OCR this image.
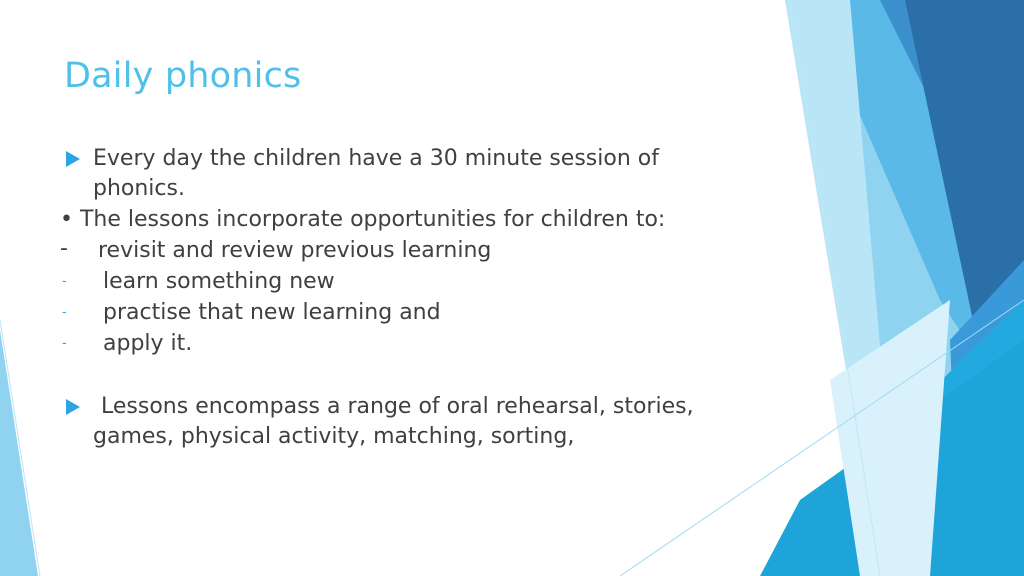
Daily phonics
Every day the children have a 30 minute session of
phonics.
• The lessons incorporate opportunities for children to:
- revisit and review previous learning
- learn something new
- practise that new learning and
- apply it.
Lessons encompass a range of oral rehearsal, stories,
games, physical activity, matching, sorting,
